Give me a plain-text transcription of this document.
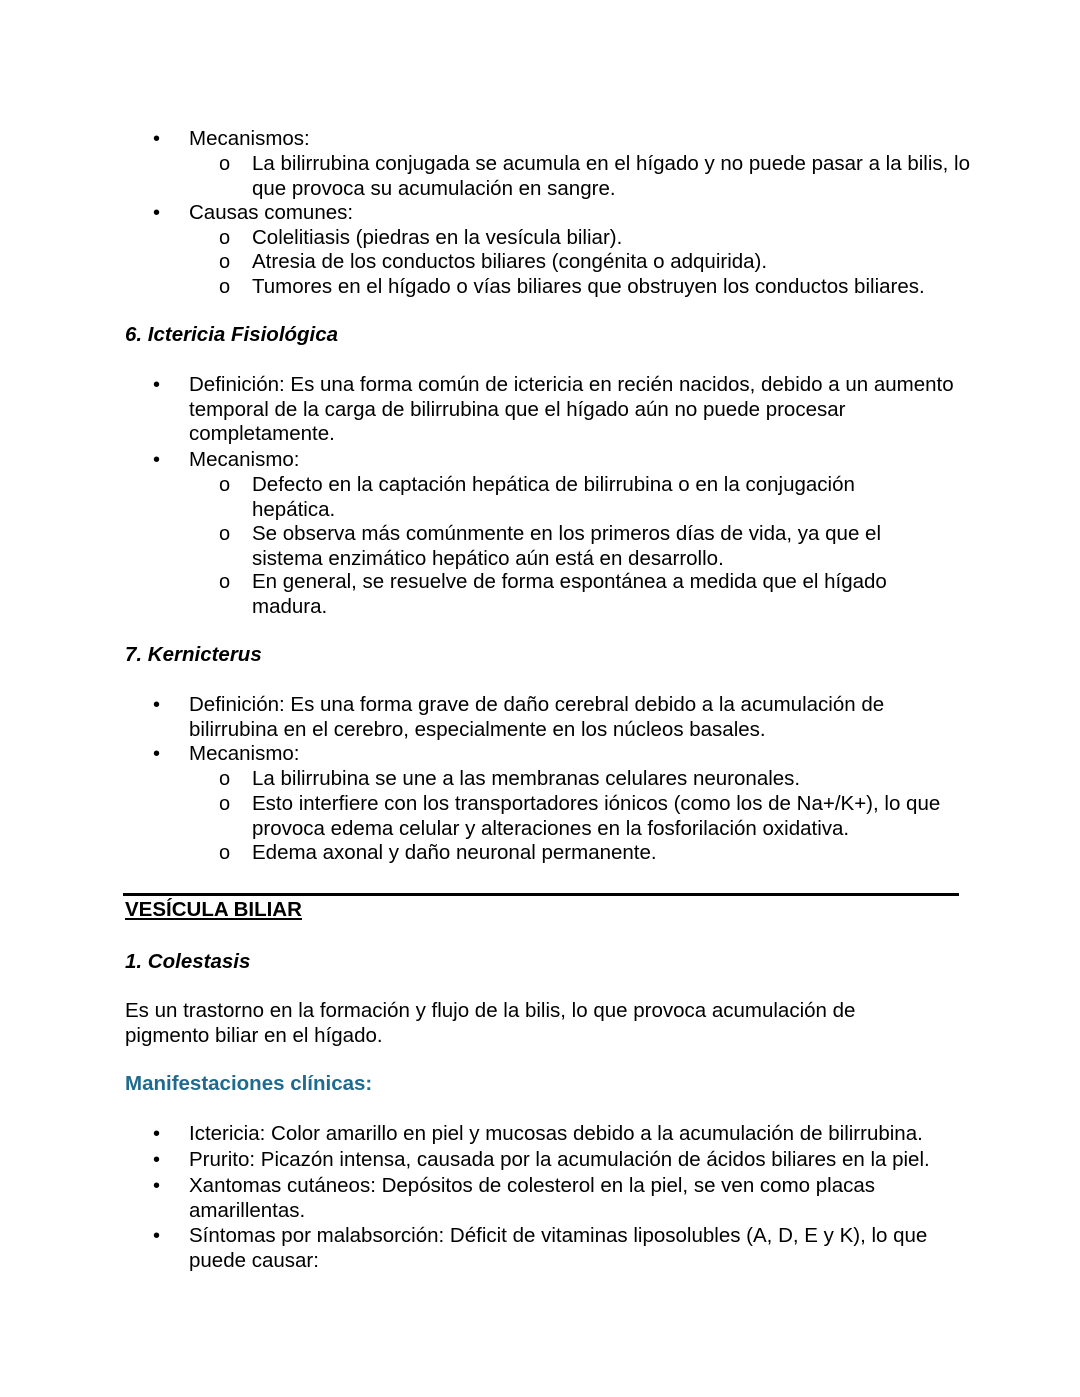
•	Mecanismos:
o	La bilirrubina conjugada se acumula en el hígado y no puede pasar a la bilis, lo que provoca su acumulación en sangre.
•	Causas comunes:
o	Colelitiasis (piedras en la vesícula biliar).
o	Atresia de los conductos biliares (congénita o adquirida).
o	Tumores en el hígado o vías biliares que obstruyen los conductos biliares.
6. Ictericia Fisiológica
•	Definición: Es una forma común de ictericia en recién nacidos, debido a un aumento temporal de la carga de bilirrubina que el hígado aún no puede procesar completamente.
•	Mecanismo:
o	Defecto en la captación hepática de bilirrubina o en la conjugación hepática.
o	Se observa más comúnmente en los primeros días de vida, ya que el sistema enzimático hepático aún está en desarrollo.
o	En general, se resuelve de forma espontánea a medida que el hígado madura.
7. Kernicterus
•	Definición: Es una forma grave de daño cerebral debido a la acumulación de bilirrubina en el cerebro, especialmente en los núcleos basales.
•	Mecanismo:
o	La bilirrubina se une a las membranas celulares neuronales.
o	Esto interfiere con los transportadores iónicos (como los de Na+/K+), lo que provoca edema celular y alteraciones en la fosforilación oxidativa.
o	Edema axonal y daño neuronal permanente.
VESÍCULA BILIAR
1. Colestasis
Es un trastorno en la formación y flujo de la bilis, lo que provoca acumulación de pigmento biliar en el hígado.
Manifestaciones clínicas:
•	Ictericia: Color amarillo en piel y mucosas debido a la acumulación de bilirrubina.
•	Prurito: Picazón intensa, causada por la acumulación de ácidos biliares en la piel.
•	Xantomas cutáneos: Depósitos de colesterol en la piel, se ven como placas amarillentas.
•	Síntomas por malabsorción: Déficit de vitaminas liposolubles (A, D, E y K), lo que puede causar:
